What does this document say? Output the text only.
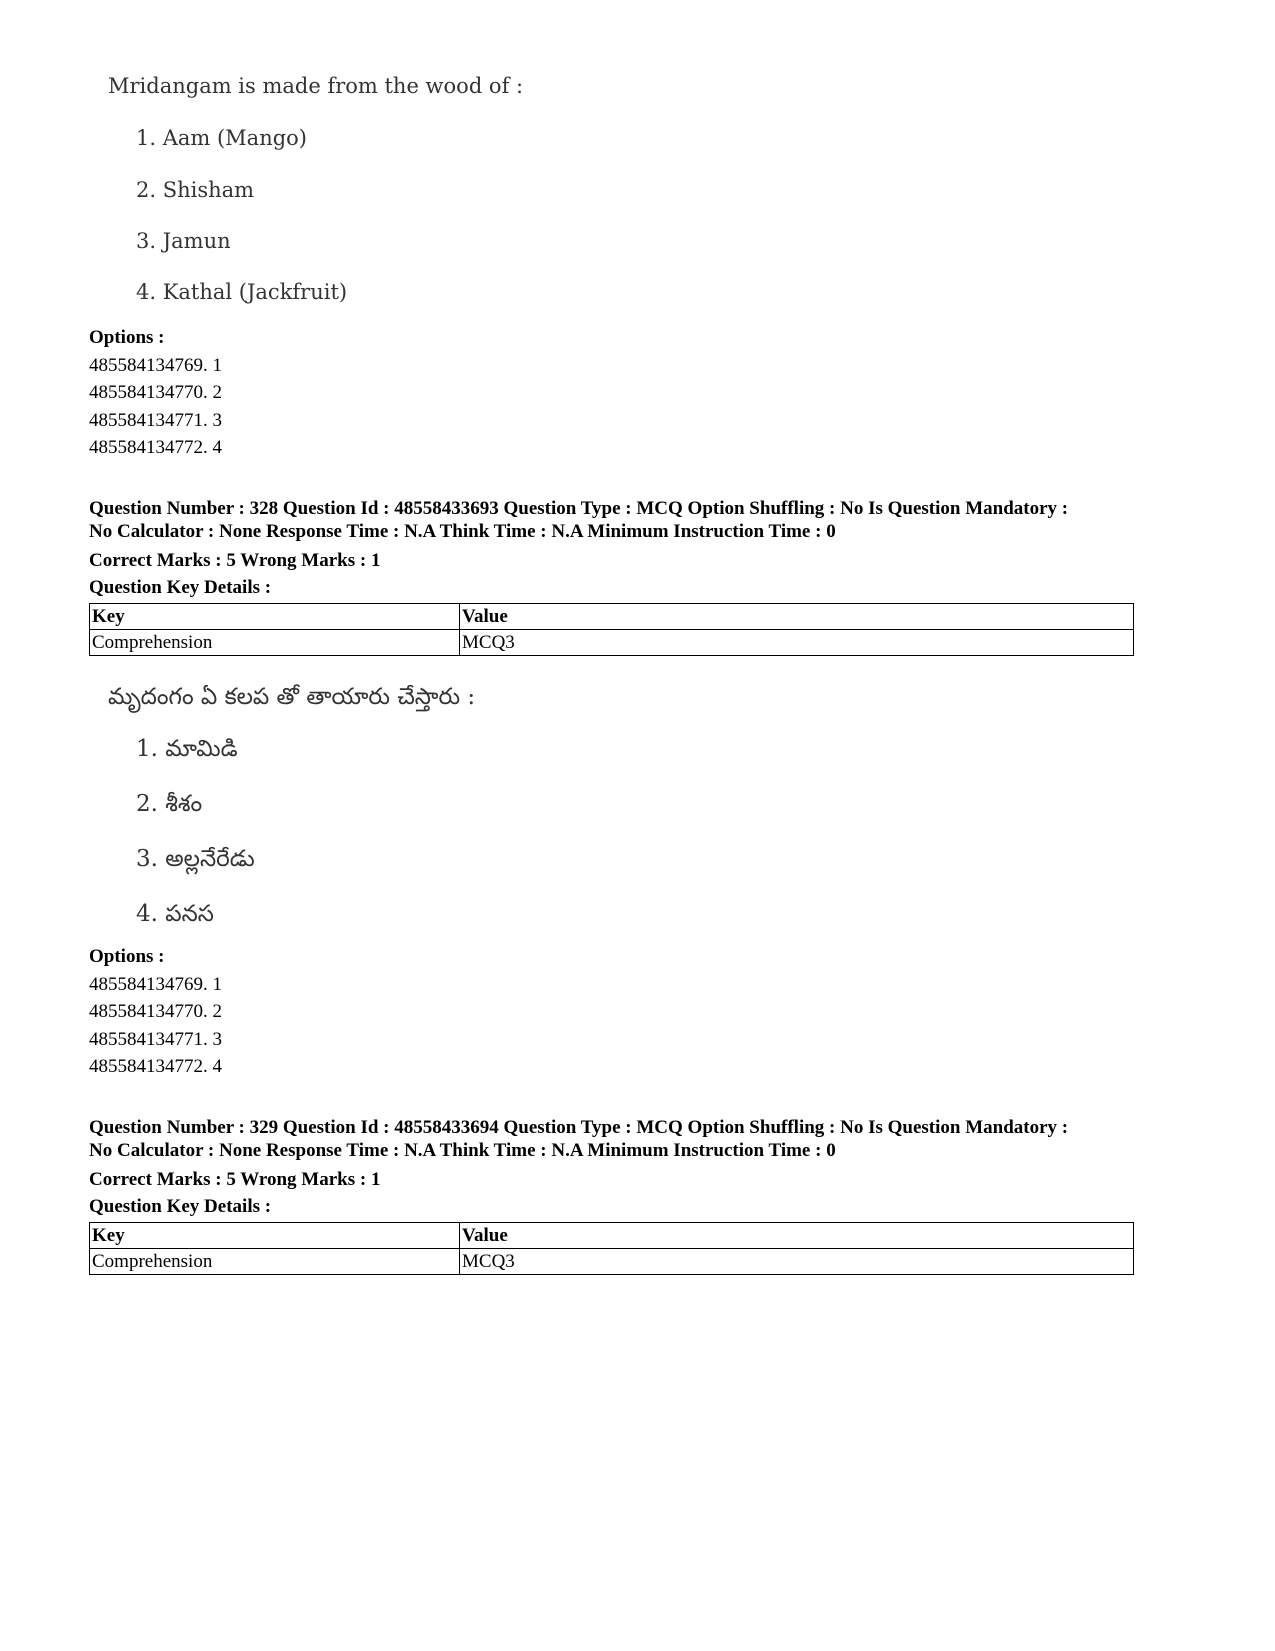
Mridangam is made from the wood of :

1. Aam (Mango)
2. Shisham
3. Jamun
4. Kathal (Jackfruit)
Options :
485584134769. 1
485584134770. 2
485584134771. 3
485584134772. 4
Question Number : 328 Question Id : 48558433693 Question Type : MCQ Option Shuffling : No Is Question Mandatory :
No Calculator : None Response Time : N.A Think Time : N.A Minimum Instruction Time : 0
Correct Marks : 5 Wrong Marks : 1
Question Key Details :
Key	Value
Comprehension	MCQ3

మృదంగం ఏ కలప తో తాయారు చేస్తారు :

1. మామిడి
2. శీశం
3. అల్లనేరేడు
4. పనస
Options :
485584134769. 1
485584134770. 2
485584134771. 3
485584134772. 4
Question Number : 329 Question Id : 48558433694 Question Type : MCQ Option Shuffling : No Is Question Mandatory :
No Calculator : None Response Time : N.A Think Time : N.A Minimum Instruction Time : 0
Correct Marks : 5 Wrong Marks : 1
Question Key Details :
Key	Value
Comprehension	MCQ3
